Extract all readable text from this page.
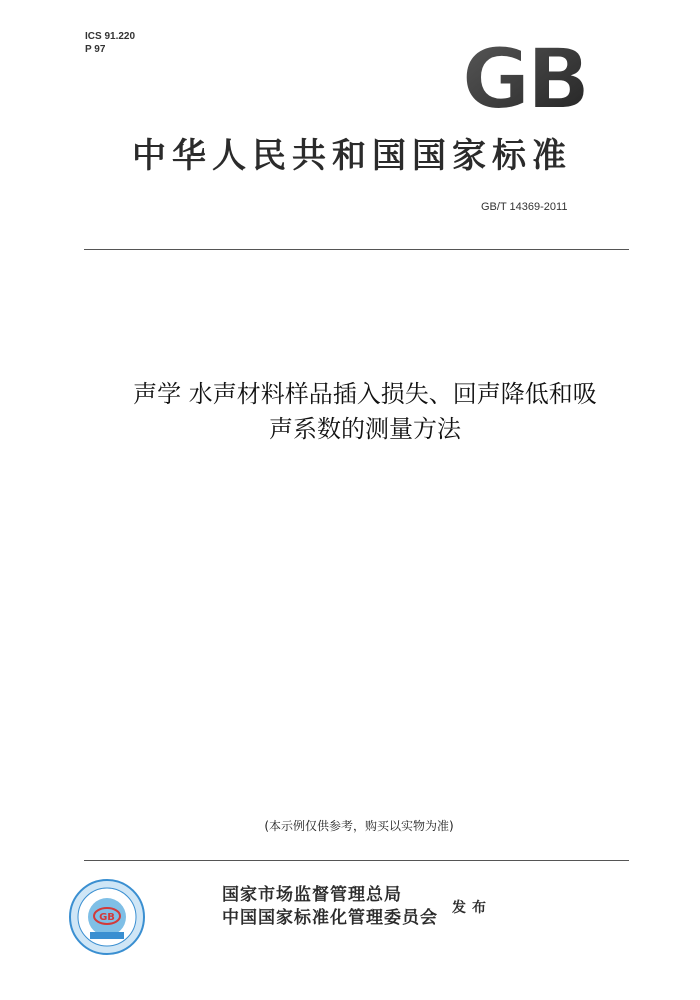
ICS 91.220
P 97	GB
中华人民共和国国家标准
GB/T 14369-2011
声学 水声材料样品插入损失、回声降低和吸
声系数的测量方法
(本示例仅供参考，购买以实物为准)
GB
国家市场监督管理总局
中国国家标准化管理委员会 发布
